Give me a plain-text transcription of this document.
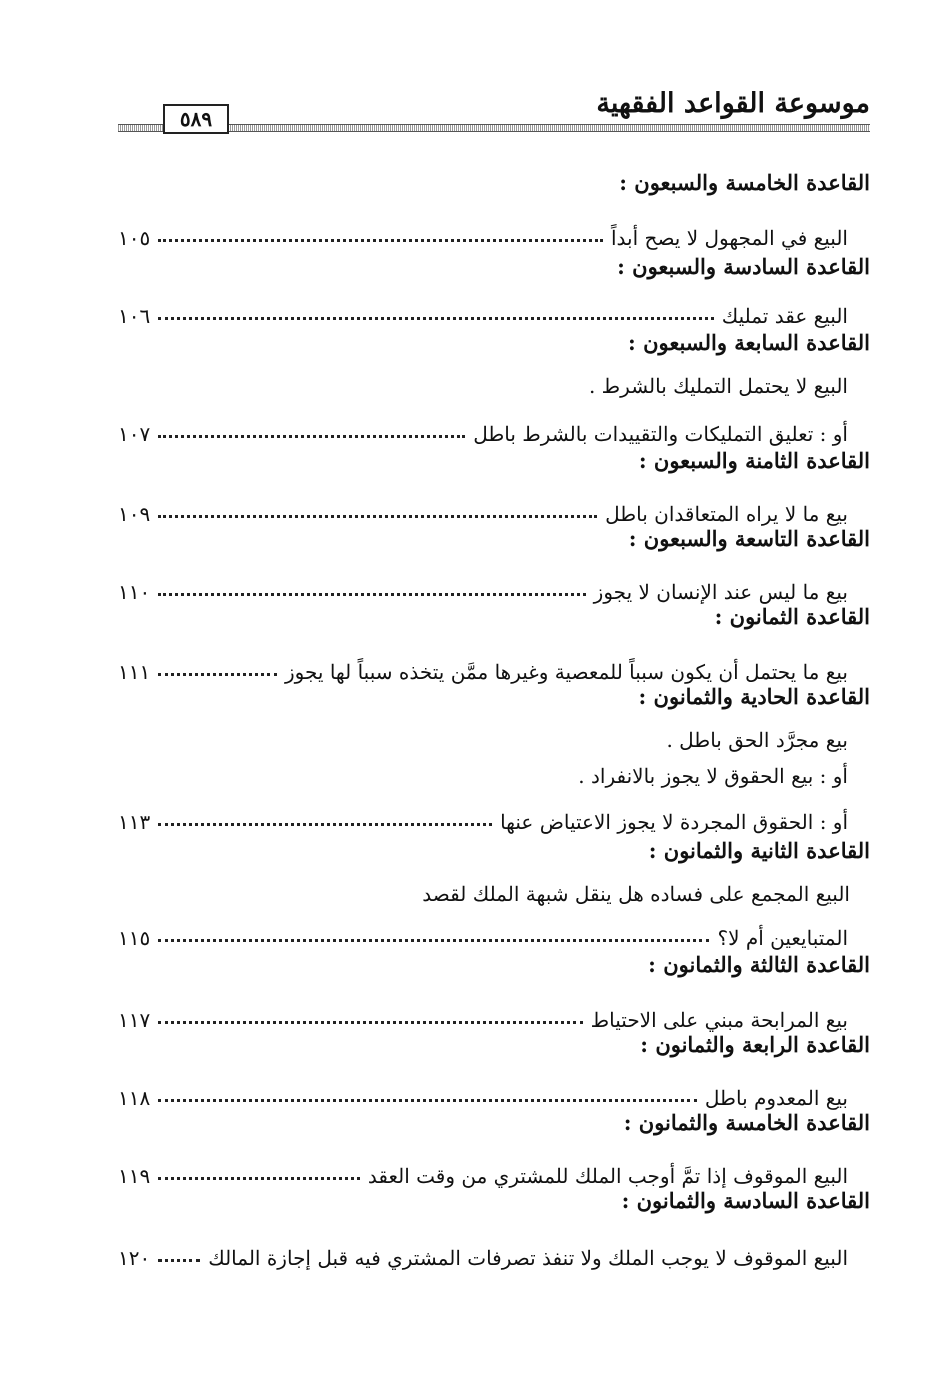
موسوعة القواعد الفقهية
٥٨٩
القاعدة الخامسة والسبعون :
البيع في المجهول لا يصح أبداً
١٠٥
القاعدة السادسة والسبعون :
البيع عقد تمليك
١٠٦
القاعدة السابعة والسبعون :
البيع لا يحتمل التمليك بالشرط .
أو : تعليق التمليكات والتقييدات بالشرط باطل
١٠٧
القاعدة الثامنة والسبعون :
بيع ما لا يراه المتعاقدان باطل
١٠٩
القاعدة التاسعة والسبعون :
بيع ما ليس عند الإنسان لا يجوز
١١٠
القاعدة الثمانون :
بيع ما يحتمل أن يكون سبباً للمعصية وغيرها ممَّن يتخذه سبباً لها يجوز
١١١
القاعدة الحادية والثمانون :
بيع مجرَّد الحق باطل .
أو : بيع الحقوق لا يجوز بالانفراد .
أو : الحقوق المجردة لا يجوز الاعتياض عنها
١١٣
القاعدة الثانية والثمانون :
البيع المجمع على فساده هل ينقل شبهة الملك لقصد
المتبايعين أم لا؟
١١٥
القاعدة الثالثة والثمانون :
بيع المرابحة مبني على الاحتياط
١١٧
القاعدة الرابعة والثمانون :
بيع المعدوم باطل
١١٨
القاعدة الخامسة والثمانون :
البيع الموقوف إذا تمَّ أوجب الملك للمشتري من وقت العقد
١١٩
القاعدة السادسة والثمانون :
البيع الموقوف لا يوجب الملك ولا تنفذ تصرفات المشتري فيه قبل إجازة المالك
١٢٠
